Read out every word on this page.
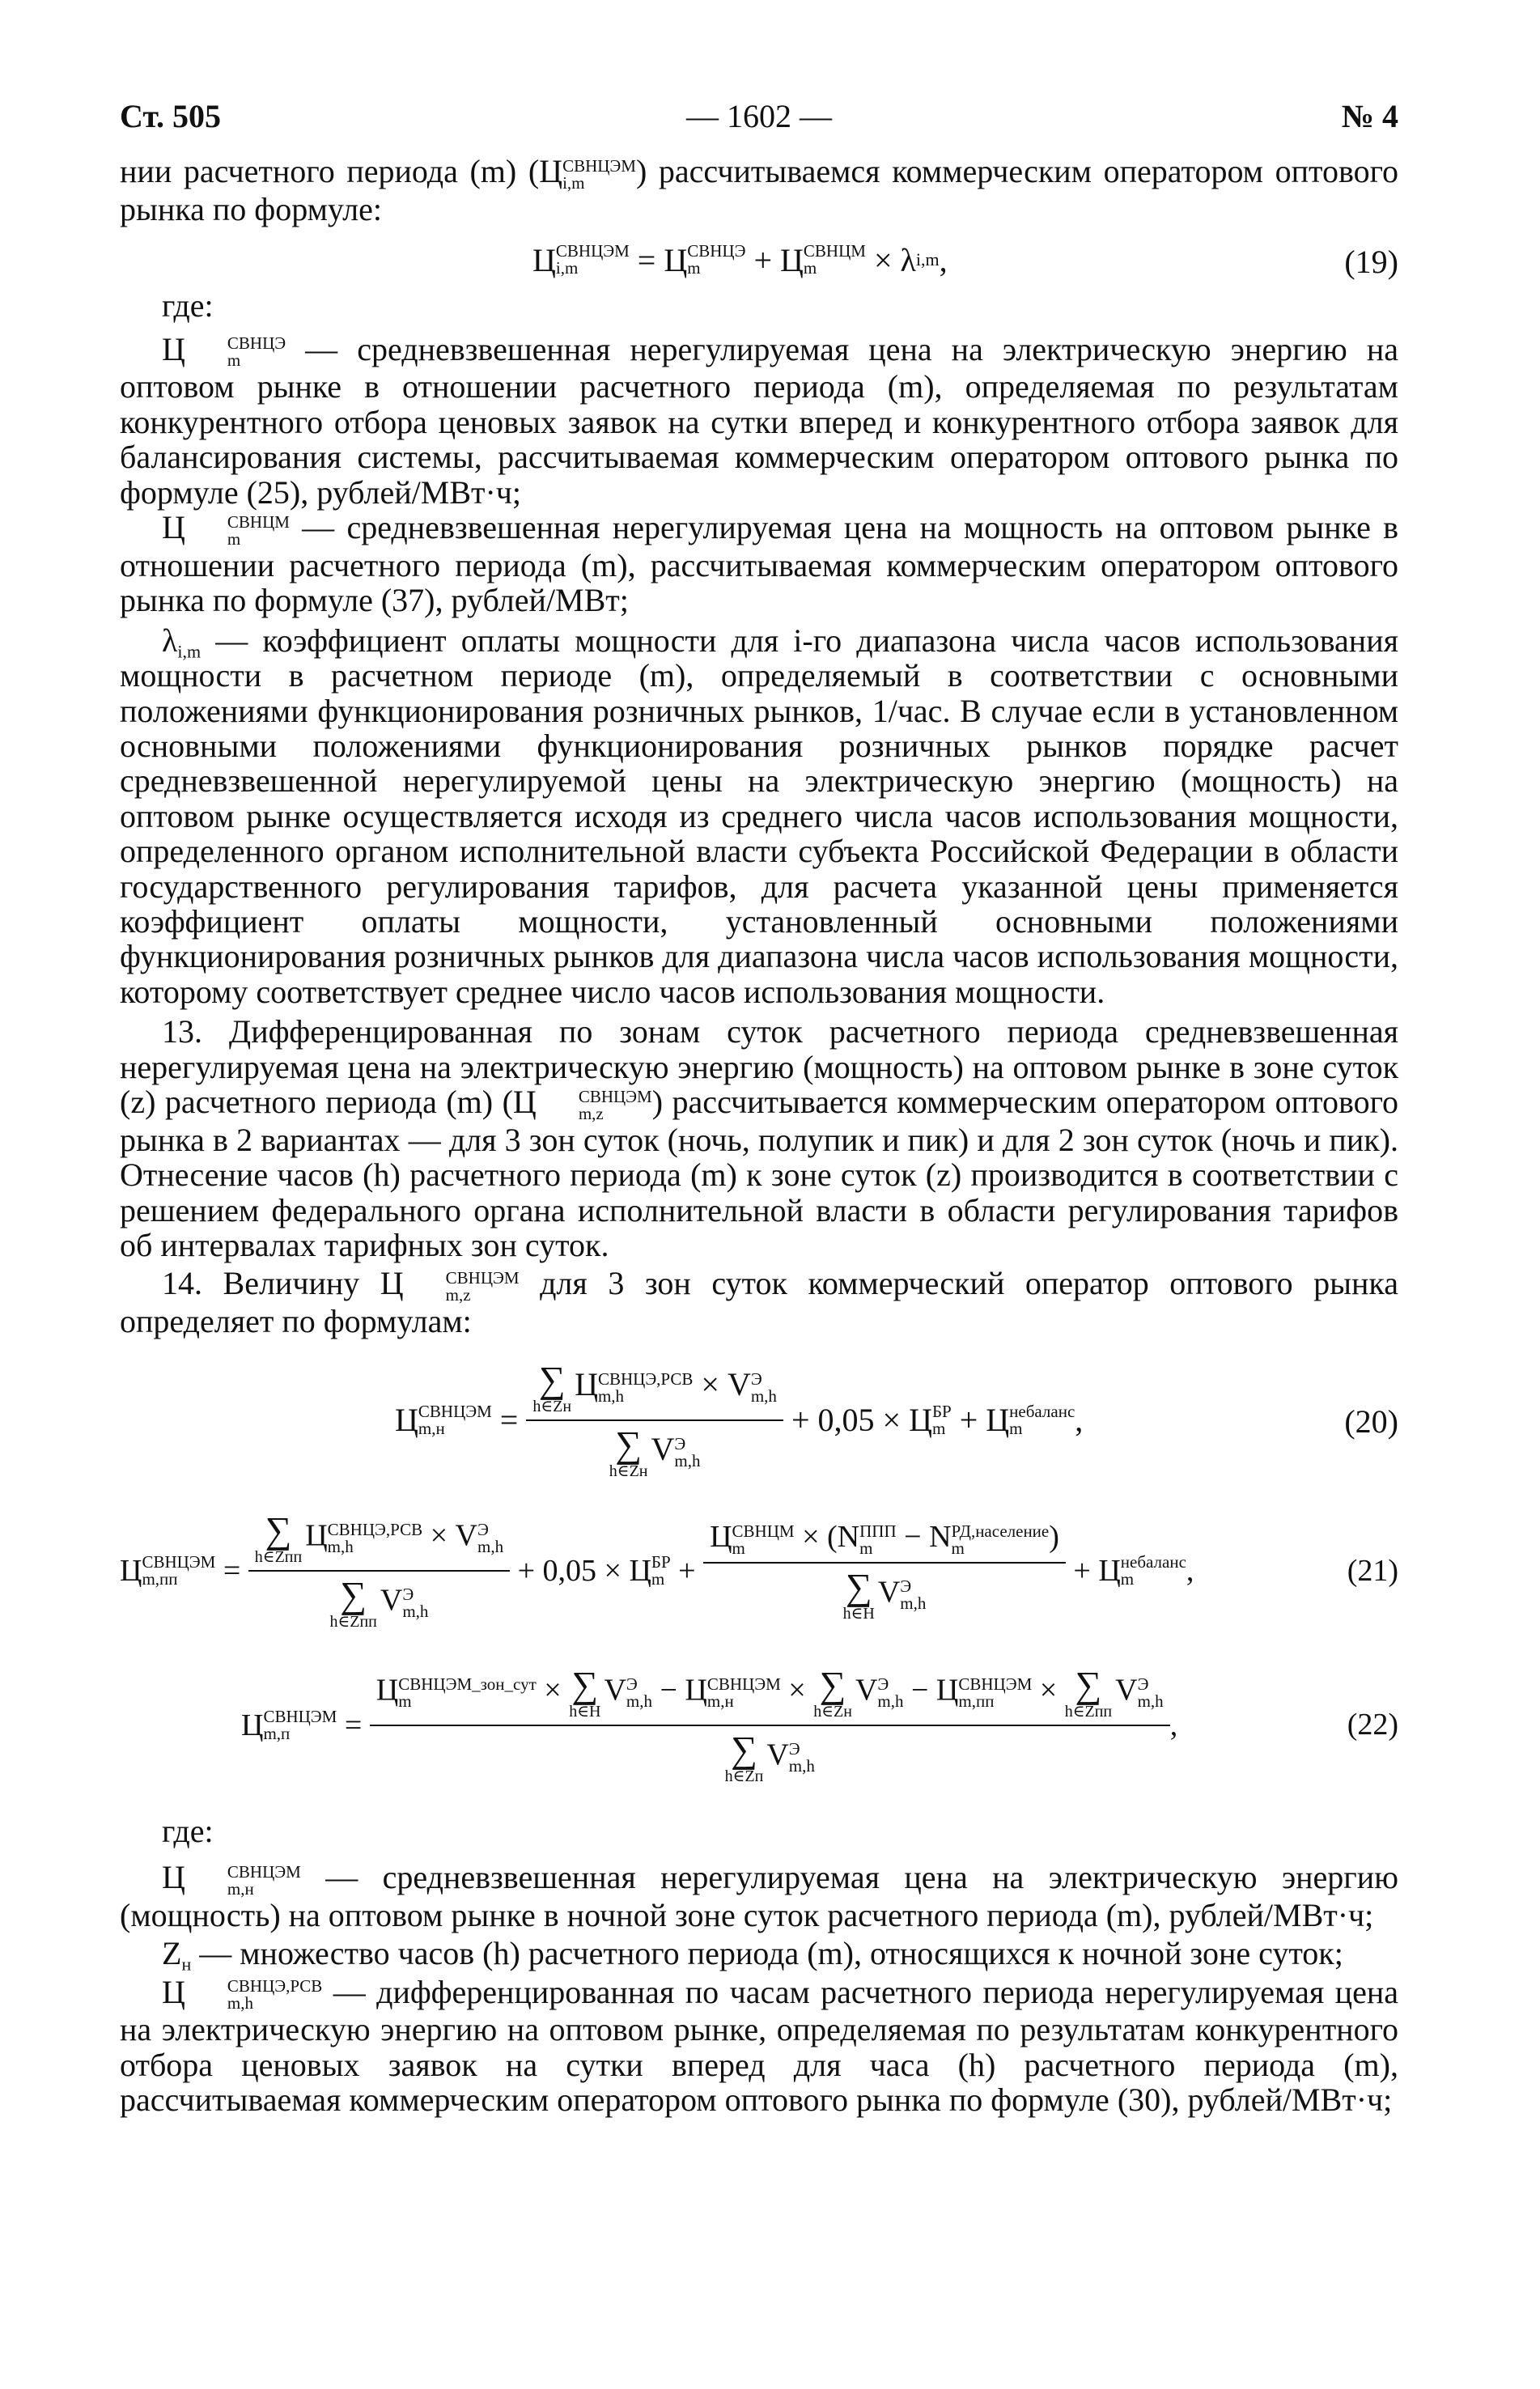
Ст. 505	— 1602 —	№ 4

нии расчетного периода (m) (Ц СВНЦЭМ
i,m	) рассчитываемся коммерческим оператором оптового рынка по формуле:

Ц СВНЦЭМ
i,m
	=
Ц СВНЦЭ
m
	+
Ц СВНЦМ
m
	×
λ i,m ,	(19)

где:

Ц	СВНЦЭ
m	— средневзвешенная нерегулируемая цена на электрическую энергию на оптовом рынке в отношении расчетного периода (m), определяемая по результатам конкурентного отбора ценовых заявок на сутки вперед и конкурентного отбора заявок для балансирования системы, рассчитываемая коммерческим оператором оптового рынка по формуле (25), рублей/МВт·ч;

Ц	СВНЦМ
m	— средневзвешенная нерегулируемая цена на мощность на оптовом рынке в отношении расчетного периода (m), рассчитываемая коммерческим оператором оптового рынка по формуле (37), рублей/МВт;

$\lambda_{i,m}$ — коэффициент оплаты мощности для i-го диапазона числа часов использования мощности в расчетном периоде (m), определяемый в соответствии с основными положениями функционирования розничных рынков, 1/час. В случае если в установленном основными положениями функционирования розничных рынков порядке расчет средневзвешенной нерегулируемой цены на электрическую энергию (мощность) на оптовом рынке осуществляется исходя из среднего числа часов использования мощности, определенного органом исполнительной власти субъекта Российской Федерации в области государственного регулирования тарифов, для расчета указанной цены применяется коэффициент оплаты мощности, установленный основными положениями функционирования розничных рынков для диапазона числа часов использования мощности, которому соответствует среднее число часов использования мощности.

13. Дифференцированная по зонам суток расчетного периода средневзвешенная нерегулируемая цена на электрическую энергию (мощность) на оптовом рынке в зоне суток (z) расчетного периода (m) (Ц	СВНЦЭМ
m,z	) рассчитывается коммерческим оператором оптового рынка в 2 вариантах — для 3 зон суток (ночь, полупик и пик) и для 2 зон суток (ночь и пик). Отнесение часов (h) расчетного периода (m) к зоне суток (z) производится в соответствии с решением федерального органа исполнительной власти в области регулирования тарифов об интервалах тарифных зон суток.

14. Величину Ц	СВНЦЭМ
m,z	для 3 зон суток коммерческий оператор оптового рынка определяет по формулам:

Ц СВНЦЭМ
m,н
	=
∑
h∈Zн
Ц СВНЦЭ,РСВ
m,h	× V Э
m,h
∑
h∈Zн
V Э
m,h
+ 0,05 ×
Ц БР
m
+
Ц небаланс
m	,	(20)
Ц СВНЦЭМ
m,пп
	=
∑
h∈Zпп
Ц СВНЦЭ,РСВ
m,h	× V Э
m,h
∑
h∈Zпп
V Э
m,h
+ 0,05 ×
Ц БР
m
+
Ц СВНЦМ
m	× (N ППП
m	− N РД,население
m	)
∑
h∈H
V Э
m,h
+
Ц небаланс
m	,	(21)
Ц СВНЦЭМ
m,п
	=

Ц СВНЦЭМ_зон_сут
m	× ∑
h∈H
V Э
m,h − Ц СВНЦЭМ
m,н	× ∑
h∈Zн
V Э
m,h − Ц СВНЦЭМ
m,пп	× ∑
h∈Zпп
V Э
m,h
∑
h∈Zп
V Э
m,h
,	(22)

где:

Ц	СВНЦЭМ
m,н	— средневзвешенная нерегулируемая цена на электрическую энергию (мощность) на оптовом рынке в ночной зоне суток расчетного периода (m), рублей/МВт·ч;

$Z_н$ — множество часов (h) расчетного периода (m), относящихся к ночной зоне суток;

Ц	СВНЦЭ,РСВ
m,h	— дифференцированная по часам расчетного периода нерегулируемая цена на электрическую энергию на оптовом рынке, определяемая по результатам конкурентного отбора ценовых заявок на сутки вперед для часа (h) расчетного периода (m), рассчитываемая коммерческим оператором оптового рынка по формуле (30), рублей/МВт·ч;
